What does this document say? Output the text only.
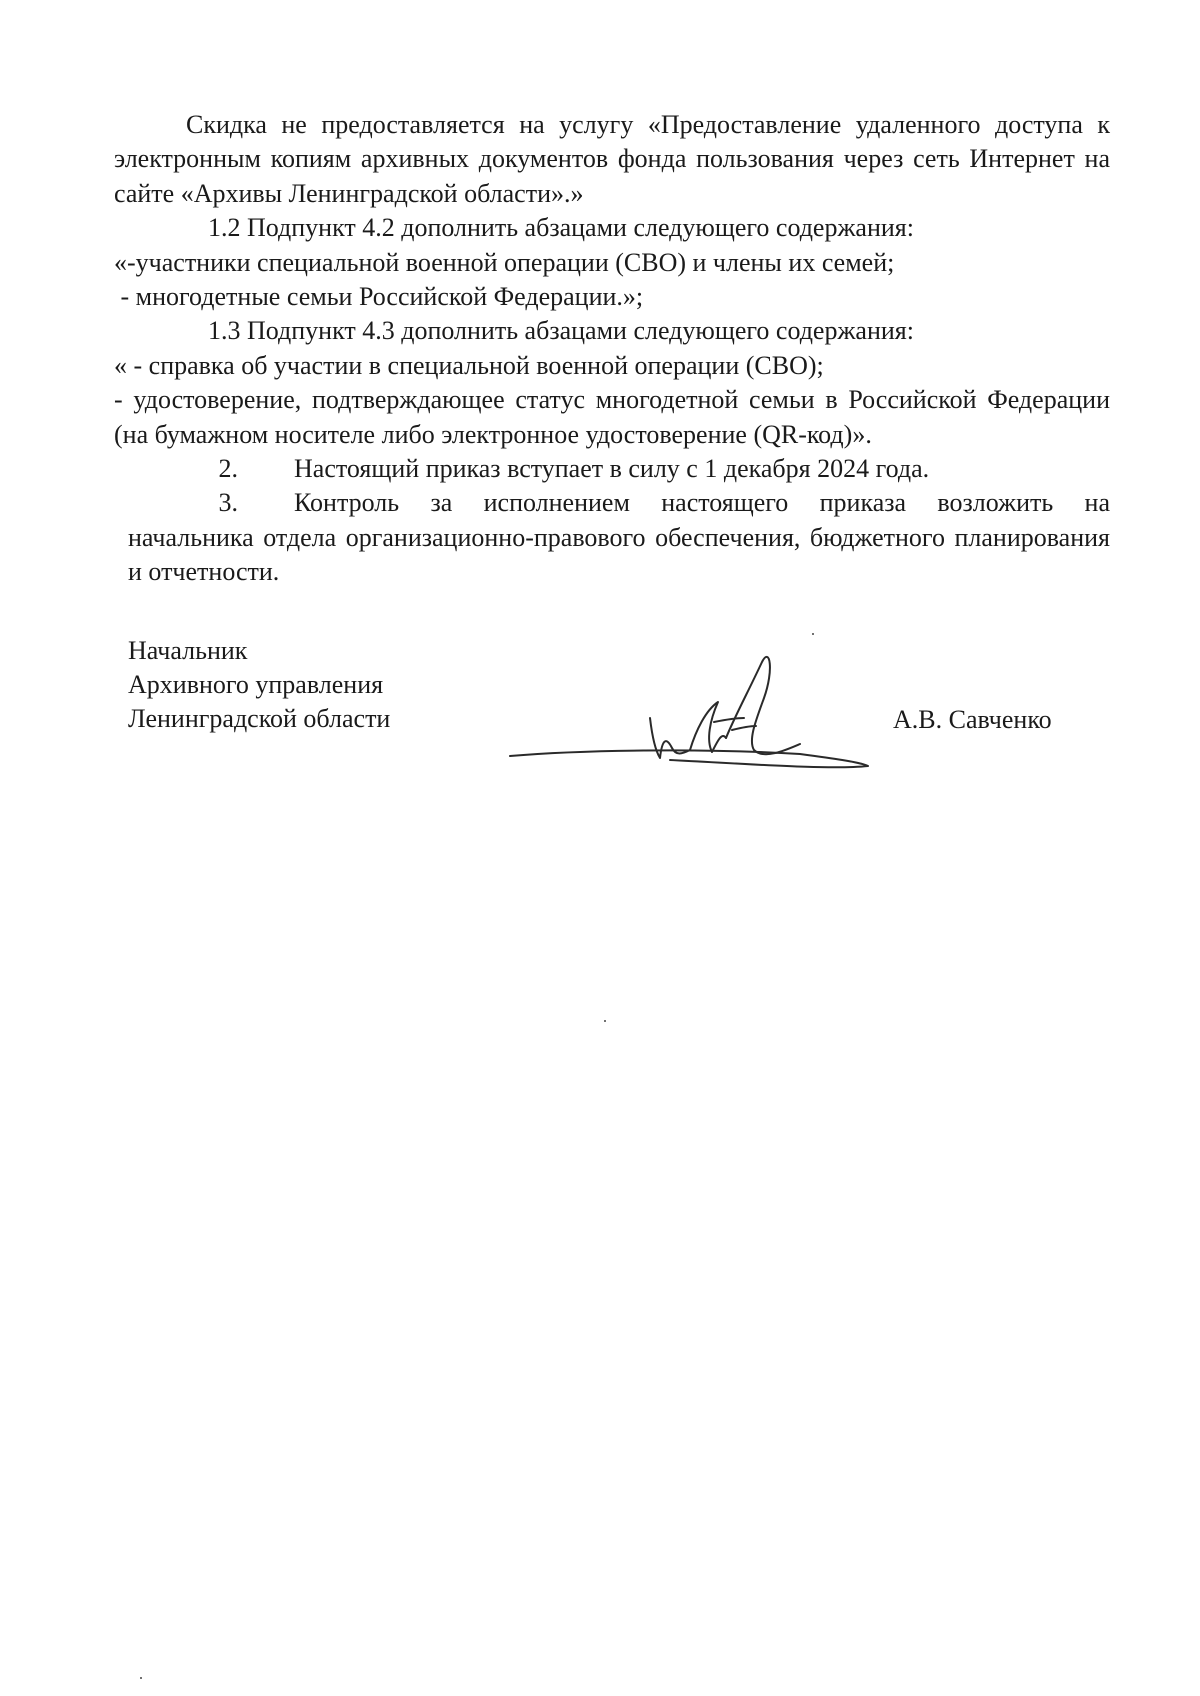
Скидка не предоставляется на услугу «Предоставление удаленного доступа к электронным копиям архивных документов фонда пользования через сеть Интернет на сайте «Архивы Ленинградской области».»

1.2 Подпункт 4.2 дополнить абзацами следующего содержания:

«-участники специальной военной операции (СВО) и члены их семей;

- многодетные семьи Российской Федерации.»;

1.3 Подпункт 4.3 дополнить абзацами следующего содержания:

« - справка об участии в специальной военной операции (СВО);

- удостоверение, подтверждающее статус многодетной семьи в Российской Федерации (на бумажном носителе либо электронное удостоверение (QR-код)».

2.	Настоящий приказ вступает в силу с 1 декабря 2024 года.
3.	Контроль за исполнением настоящего приказа возложить на

начальника отдела организационно-правового обеспечения, бюджетного планирования и отчетности.

Начальник
Архивного управления
Ленинградской области	А.В. Савченко
